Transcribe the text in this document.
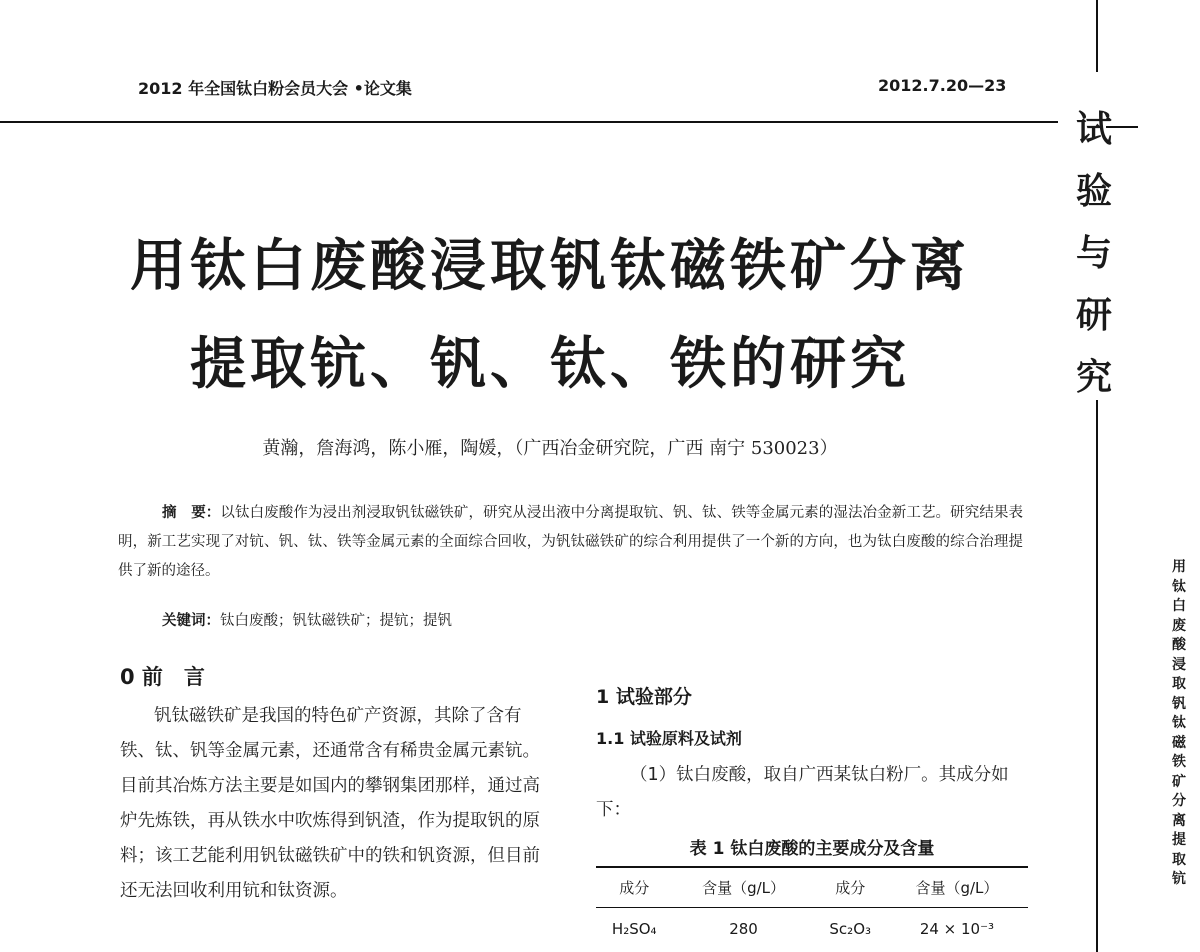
2012 年全国钛白粉会员大会 •论文集	2012.7.20—23
试
验
与
研
究
用
钛
白
废
酸
浸
取
钒
钛
磁
铁
矿
分
离
提
取
钪
用钛白废酸浸取钒钛磁铁矿分离
提取钪、钒、钛、铁的研究
黄瀚，詹海鸿，陈小雁，陶媛，（广西冶金研究院，广西 南宁 530023）
摘　要：以钛白废酸作为浸出剂浸取钒钛磁铁矿，研究从浸出液中分离提取钪、钒、钛、铁等金属元素的湿法冶金新工艺。研究结果表明，新工艺实现了对钪、钒、钛、铁等金属元素的全面综合回收，为钒钛磁铁矿的综合利用提供了一个新的方向，也为钛白废酸的综合治理提供了新的途径。
关键词：钛白废酸；钒钛磁铁矿；提钪；提钒
0 前　言
钒钛磁铁矿是我国的特色矿产资源，其除了含有铁、钛、钒等金属元素，还通常含有稀贵金属元素钪。目前其冶炼方法主要是如国内的攀钢集团那样，通过高炉先炼铁，再从铁水中吹炼得到钒渣，作为提取钒的原料；该工艺能利用钒钛磁铁矿中的铁和钒资源，但目前还无法回收利用钪和钛资源。
1 试验部分
1.1 试验原料及试剂
（1）钛白废酸，取自广西某钛白粉厂。其成分如下：
表 1 钛白废酸的主要成分及含量
成分	含量（g/L）	成分	含量（g/L）
H₂SO₄	280	Sc₂O₃	24 × 10⁻³
